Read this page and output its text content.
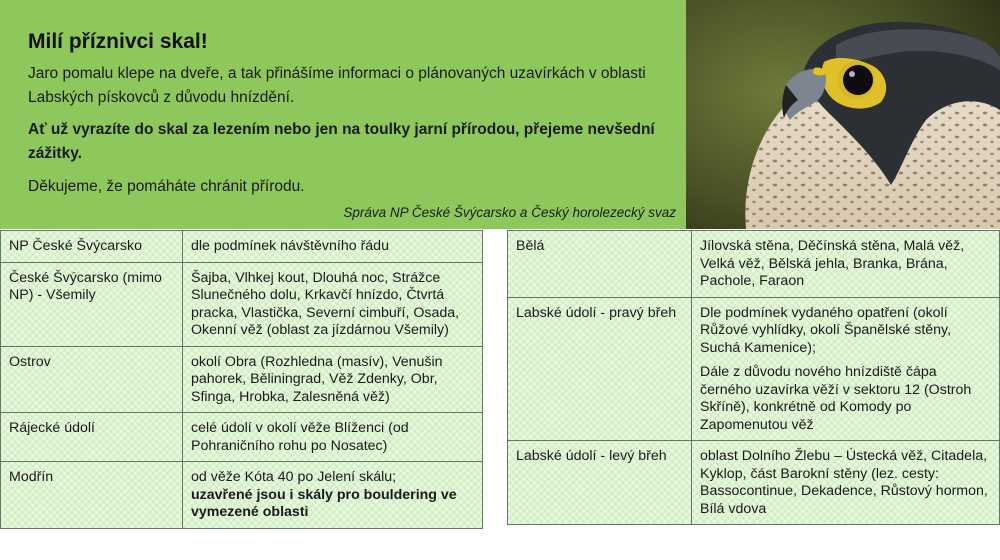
Milí příznivci skal!

Jaro pomalu klepe na dveře, a tak přinášíme informaci o plánovaných uzavírkách v oblasti Labských pískovců z důvodu hnízdění.

Ať už vyrazíte do skal za lezením nebo jen na toulky jarní přírodou, přejeme nevšední zážitky.

Děkujeme, že pomáháte chránit přírodu.

Správa NP České Švýcarsko a Český horolezecký svaz
NP České Švýcarsko	dle podmínek návštěvního řádu
České Švýcarsko (mimo NP) - Všemily	Šajba, Vlhkej kout, Dlouhá noc, Strážce Slunečného dolu, Krkavčí hnízdo, Čtvrtá pracka, Vlastička, Severní cimbuří, Osada, Okenní věž (oblast za jízdárnou Všemily)
Ostrov	okolí Obra (Rozhledna (masív), Venušin pahorek, Běliningrad, Věž Zdenky, Obr, Sfinga, Hrobka, Zalesněná věž)
Rájecké údolí	celé údolí v okolí věže Blíženci (od Pohraničního rohu po Nosatec)
Modřín	od věže Kóta 40 po Jelení skálu;
uzavřené jsou i skály pro bouldering ve vymezené oblasti
Bělá	Jílovská stěna, Děčínská stěna, Malá věž, Velká věž, Bělská jehla, Branka, Brána, Pachole, Faraon
Labské údolí - pravý břeh	Dle podmínek vydaného opatření (okolí Růžové vyhlídky, okolí Španělské stěny, Suchá Kamenice);
Dále z důvodu nového hnízdiště čápa černého uzavírka věží v sektoru 12 (Ostroh Skříně), konkrétně od Komody po Zapomenutou věž

Labské údolí - levý břeh	oblast Dolního Žlebu – Ústecká věž, Citadela, Kyklop, část Barokní stěny (lez. cesty: Bassocontinue, Dekadence, Růstový hormon, Bílá vdova
